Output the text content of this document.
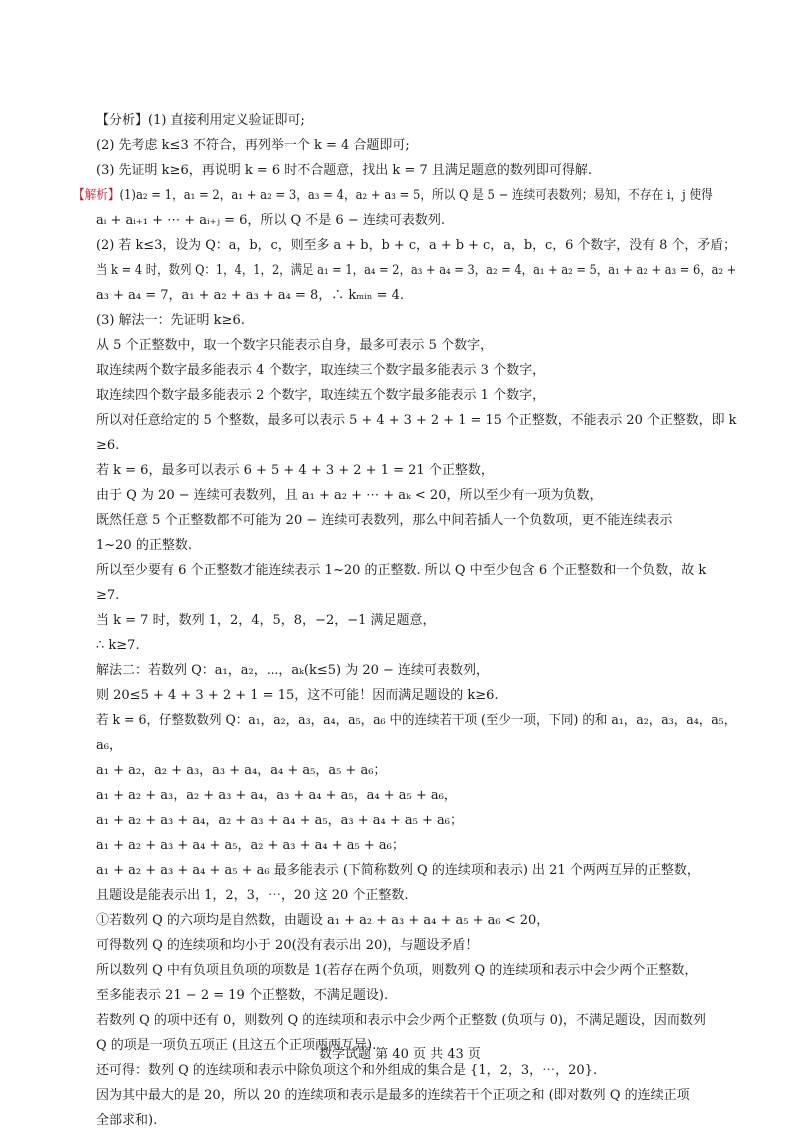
【分析】(1) 直接利用定义验证即可;
(2) 先考虑 k≤3 不符合，再列举一个 k = 4 合题即可;
(3) 先证明 k≥6，再说明 k = 6 时不合题意，找出 k = 7 且满足题意的数列即可得解.
【解析】(1)a₂ = 1，a₁ = 2，a₁ + a₂ = 3，a₃ = 4，a₂ + a₃ = 5，所以 Q 是 5 − 连续可表数列；易知，不存在 i，j 使得
aᵢ + aᵢ₊₁ + ⋯ + aᵢ₊ⱼ = 6，所以 Q 不是 6 − 连续可表数列.
(2) 若 k≤3，设为 Q：a，b，c，则至多 a + b，b + c，a + b + c，a，b，c，6 个数字，没有 8 个，矛盾；
当 k = 4 时，数列 Q：1，4，1，2，满足 a₁ = 1，a₄ = 2，a₃ + a₄ = 3，a₂ = 4，a₁ + a₂ = 5，a₁ + a₂ + a₃ = 6，a₂ +
a₃ + a₄ = 7，a₁ + a₂ + a₃ + a₄ = 8，∴ kₘᵢₙ = 4.
(3) 解法一：先证明 k≥6.
从 5 个正整数中，取一个数字只能表示自身，最多可表示 5 个数字，
取连续两个数字最多能表示 4 个数字，取连续三个数字最多能表示 3 个数字，
取连续四个数字最多能表示 2 个数字，取连续五个数字最多能表示 1 个数字，
所以对任意给定的 5 个整数，最多可以表示 5 + 4 + 3 + 2 + 1 = 15 个正整数，不能表示 20 个正整数，即 k
≥6.
若 k = 6，最多可以表示 6 + 5 + 4 + 3 + 2 + 1 = 21 个正整数，
由于 Q 为 20 − 连续可表数列，且 a₁ + a₂ + ⋯ + aₖ < 20，所以至少有一项为负数，
既然任意 5 个正整数都不可能为 20 − 连续可表数列，那么中间若插人一个负数项，更不能连续表示
1~20 的正整数.
所以至少要有 6 个正整数才能连续表示 1~20 的正整数. 所以 Q 中至少包含 6 个正整数和一个负数，故 k
≥7.
当 k = 7 时，数列 1，2，4，5，8，−2，−1 满足题意，
∴ k≥7.
解法二：若数列 Q：a₁，a₂，⋯，aₖ(k≤5) 为 20 − 连续可表数列，
则 20≤5 + 4 + 3 + 2 + 1 = 15，这不可能！因而满足题设的 k≥6.
若 k = 6，仔整数数列 Q：a₁，a₂，a₃，a₄，a₅，a₆ 中的连续若干项 (至少一项，下同) 的和 a₁，a₂，a₃，a₄，a₅，
a₆，
a₁ + a₂，a₂ + a₃，a₃ + a₄，a₄ + a₅，a₅ + a₆；
a₁ + a₂ + a₃，a₂ + a₃ + a₄，a₃ + a₄ + a₅，a₄ + a₅ + a₆，
a₁ + a₂ + a₃ + a₄，a₂ + a₃ + a₄ + a₅，a₃ + a₄ + a₅ + a₆；
a₁ + a₂ + a₃ + a₄ + a₅，a₂ + a₃ + a₄ + a₅ + a₆；
a₁ + a₂ + a₃ + a₄ + a₅ + a₆ 最多能表示 (下简称数列 Q 的连续项和表示) 出 21 个两两互异的正整数，
且题设是能表示出 1，2，3，⋯，20 这 20 个正整数.
①若数列 Q 的六项均是自然数，由题设 a₁ + a₂ + a₃ + a₄ + a₅ + a₆ < 20，
可得数列 Q 的连续项和均小于 20(没有表示出 20)，与题设矛盾！
所以数列 Q 中有负项且负项的项数是 1(若存在两个负项，则数列 Q 的连续项和表示中会少两个正整数，
至多能表示 21 − 2 = 19 个正整数，不满足题设).
若数列 Q 的项中还有 0，则数列 Q 的连续项和表示中会少两个正整数 (负项与 0)，不满足题设，因而数列
Q 的项是一项负五项正 (且这五个正项两两互异).
还可得：数列 Q 的连续项和表示中除负项这个和外组成的集合是 {1，2，3，⋯，20}.
因为其中最大的是 20，所以 20 的连续项和表示是最多的连续若干个正项之和 (即对数列 Q 的连续正项
全部求和).
数学试题 第 40 页 共 43 页
